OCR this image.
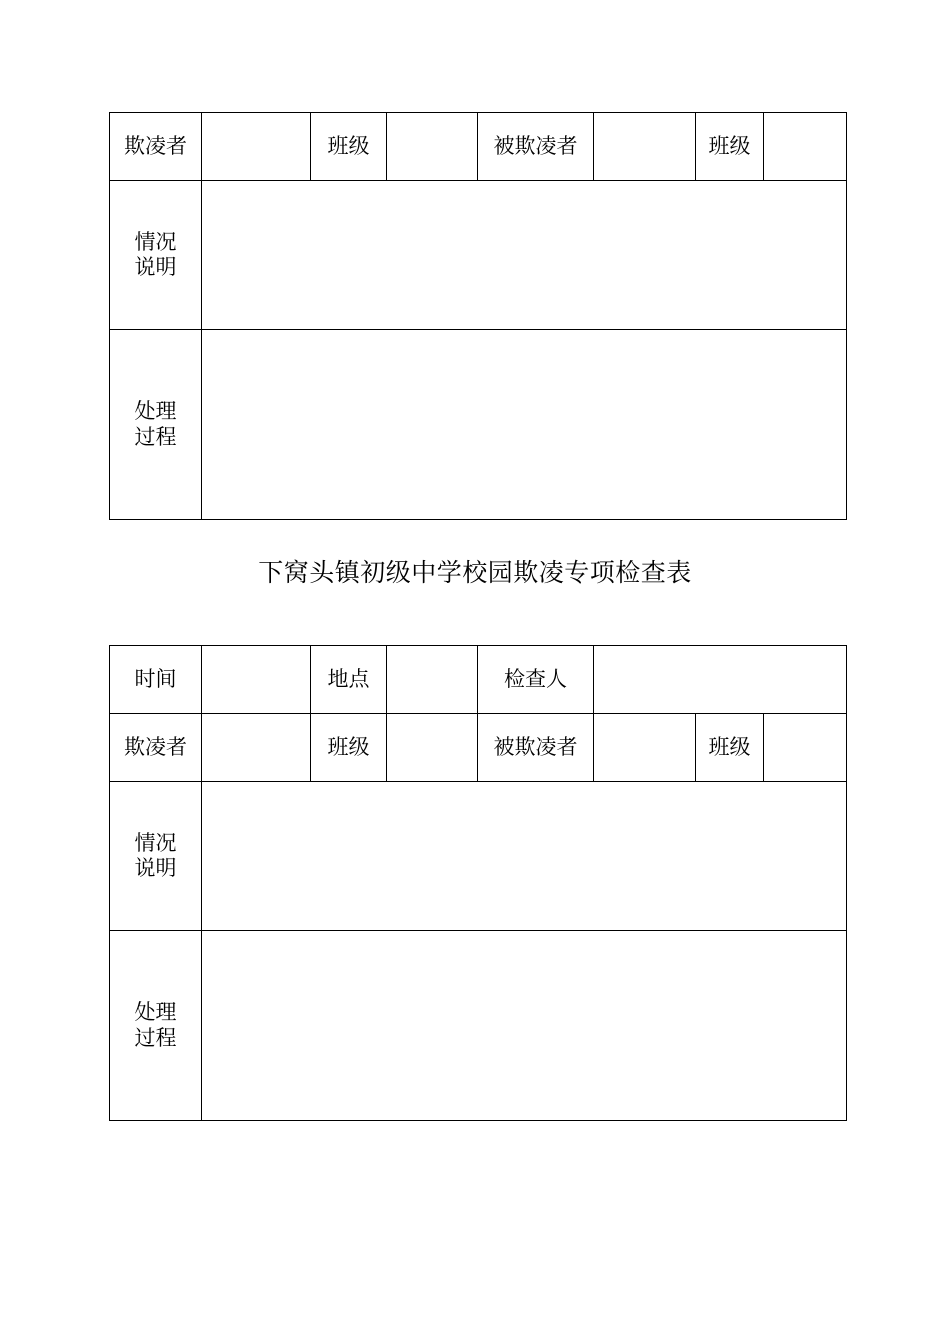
欺凌者		班级		被欺凌者		班级	
情况说明							
处理过程							
下窝头镇初级中学校园欺凌专项检查表
时间		地点		检查人			
欺凌者		班级		被欺凌者		班级	
情况说明							
处理过程							
